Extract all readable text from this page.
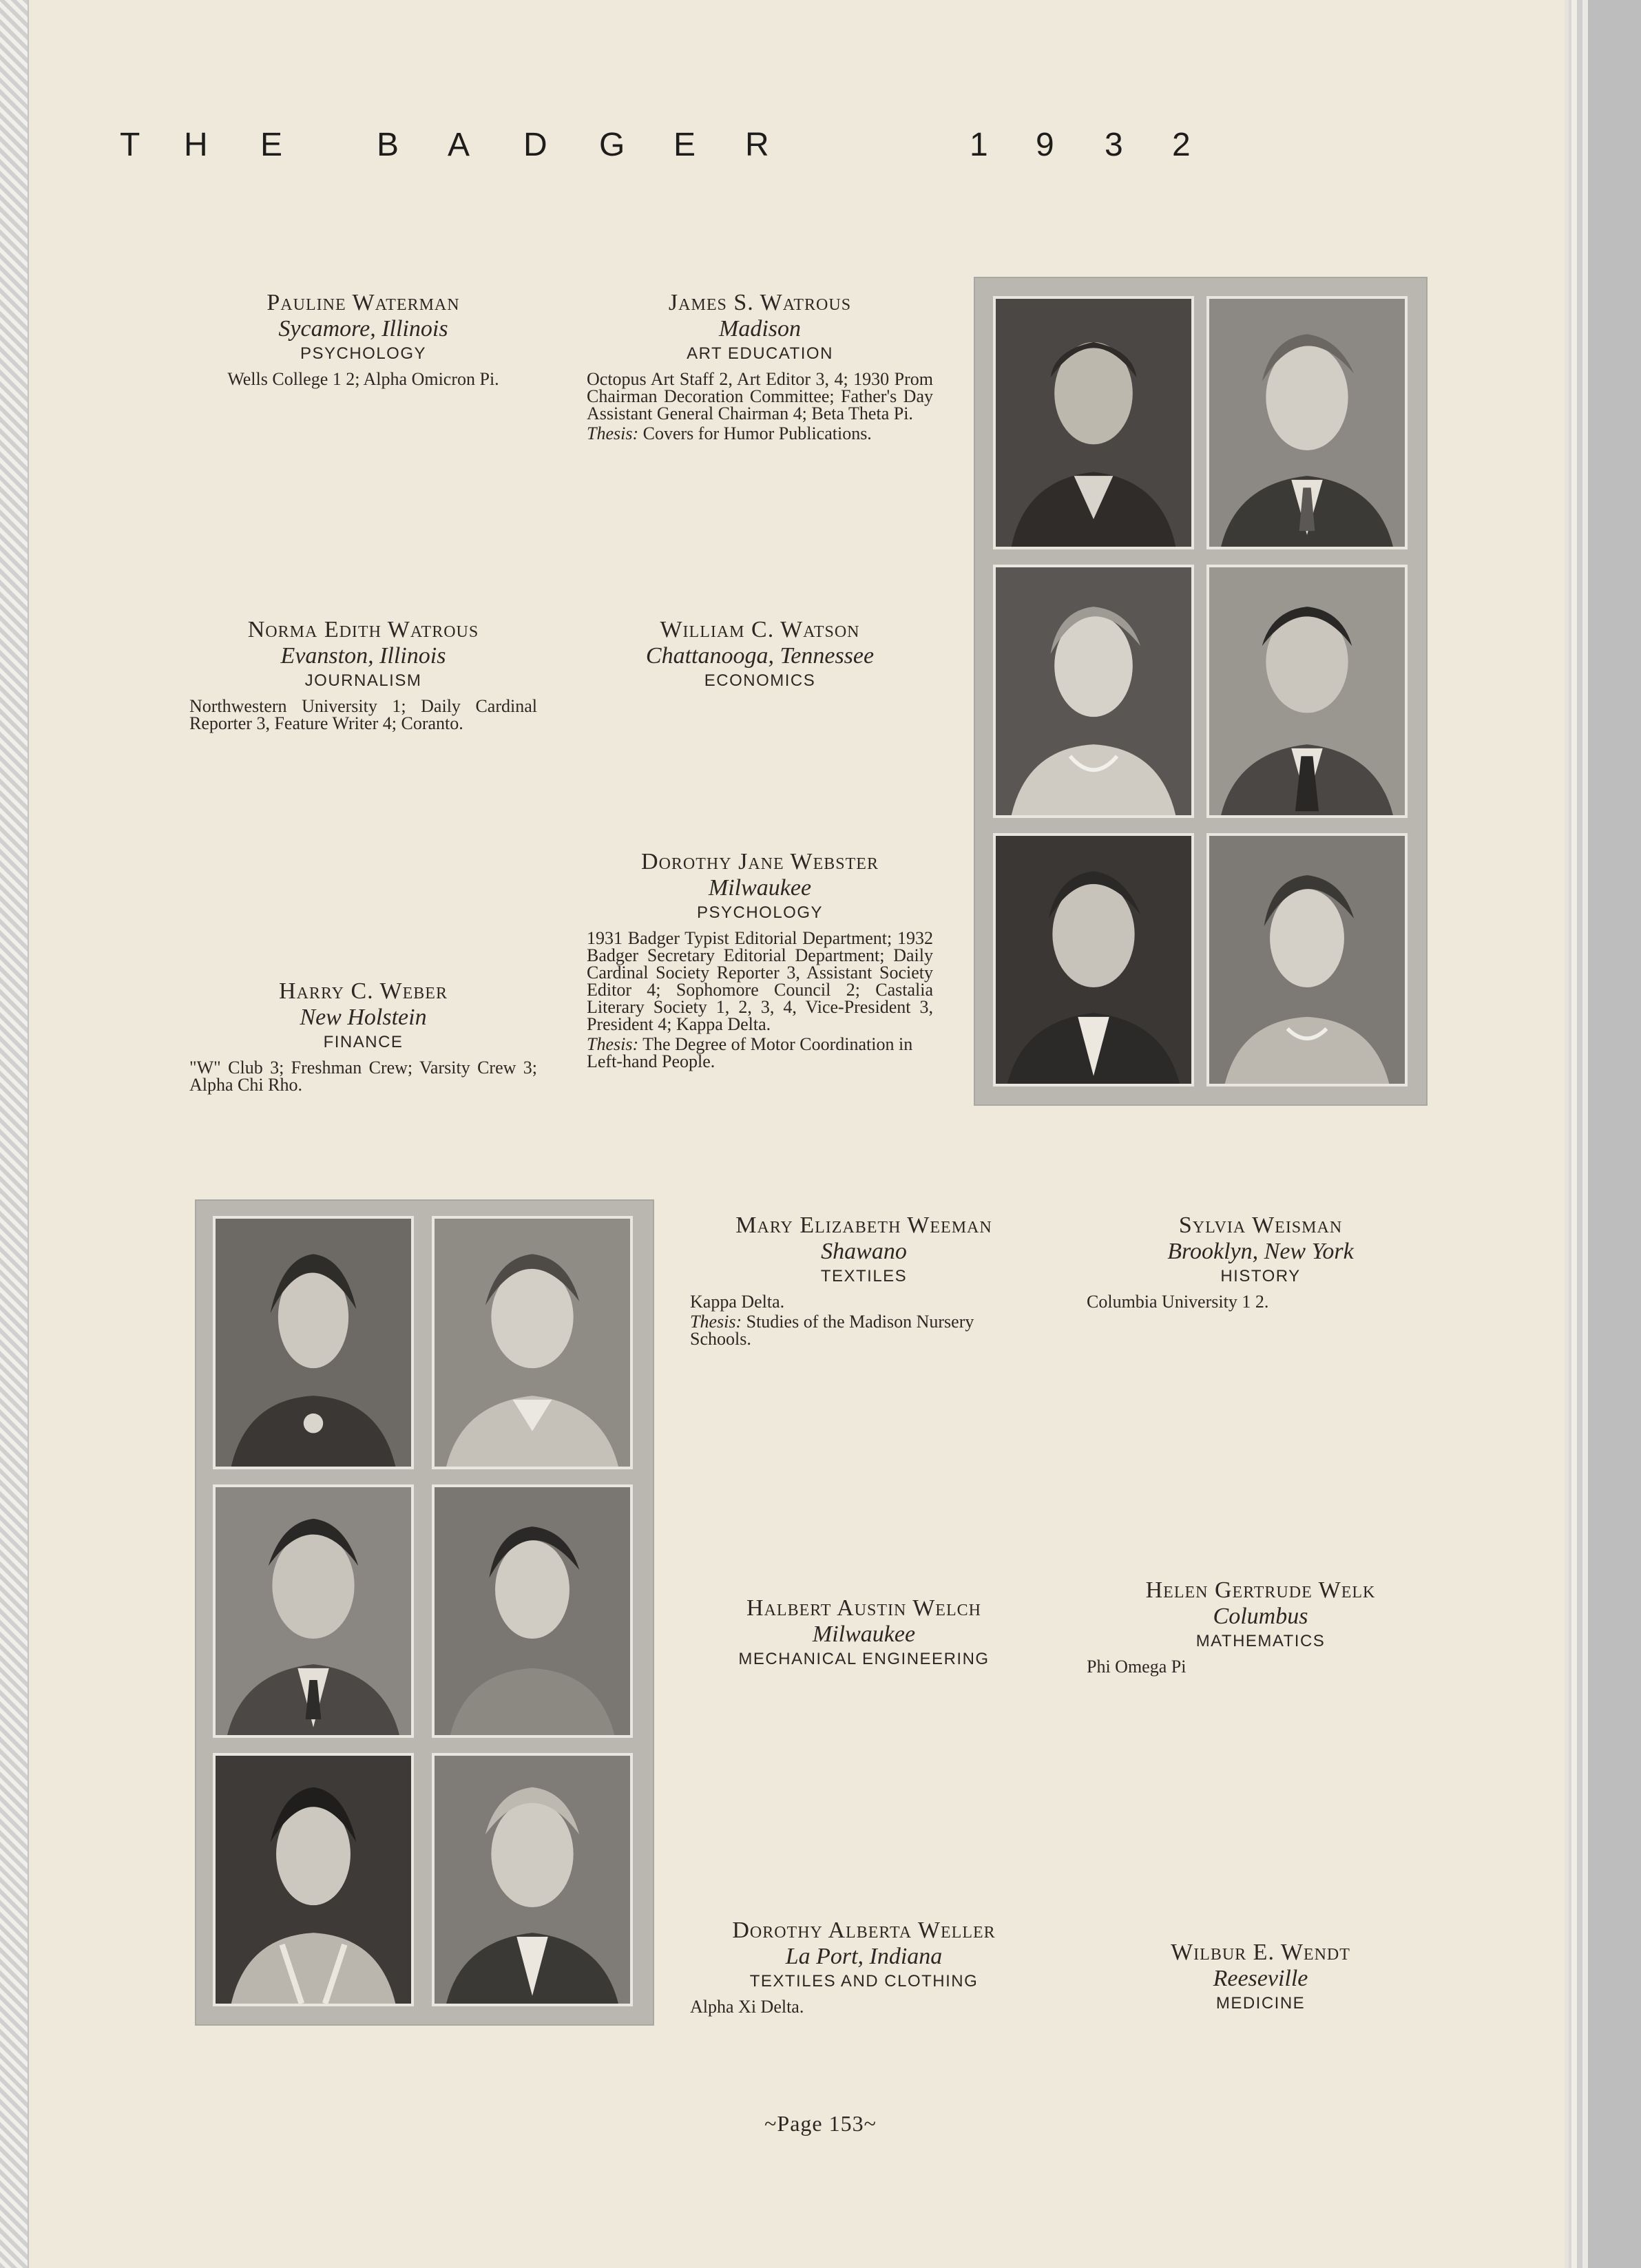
T H E	B A D G E R	1 9 3 2
Pauline Waterman
Sycamore, Illinois
PSYCHOLOGY
Wells College 1 2; Alpha Omicron Pi.
James S. Watrous
Madison
ART EDUCATION
Octopus Art Staff 2, Art Editor 3, 4; 1930 Prom Chairman Decoration Committee; Father's Day Assistant General Chairman 4; Beta Theta Pi.
Thesis: Covers for Humor Publications.
Norma Edith Watrous
Evanston, Illinois
JOURNALISM
Northwestern University 1; Daily Cardinal Reporter 3, Feature Writer 4; Coranto.
William C. Watson
Chattanooga, Tennessee
ECONOMICS
Dorothy Jane Webster
Milwaukee
PSYCHOLOGY
1931 Badger Typist Editorial Department; 1932 Badger Secretary Editorial Department; Daily Cardinal Society Reporter 3, Assistant Society Editor 4; Sophomore Council 2; Castalia Literary Society 1, 2, 3, 4, Vice-President 3, President 4; Kappa Delta.
Thesis: The Degree of Motor Coordination in Left-hand People.
Harry C. Weber
New Holstein
FINANCE
"W" Club 3; Freshman Crew; Varsity Crew 3; Alpha Chi Rho.
Mary Elizabeth Weeman
Shawano
TEXTILES
Kappa Delta.
Thesis: Studies of the Madison Nursery Schools.
Sylvia Weisman
Brooklyn, New York
HISTORY
Columbia University 1 2.
Halbert Austin Welch
Milwaukee
MECHANICAL ENGINEERING
Helen Gertrude Welk
Columbus
MATHEMATICS
Phi Omega Pi
Dorothy Alberta Weller
La Port, Indiana
TEXTILES AND CLOTHING
Alpha Xi Delta.
Wilbur E. Wendt
Reeseville
MEDICINE
~Page 153~
